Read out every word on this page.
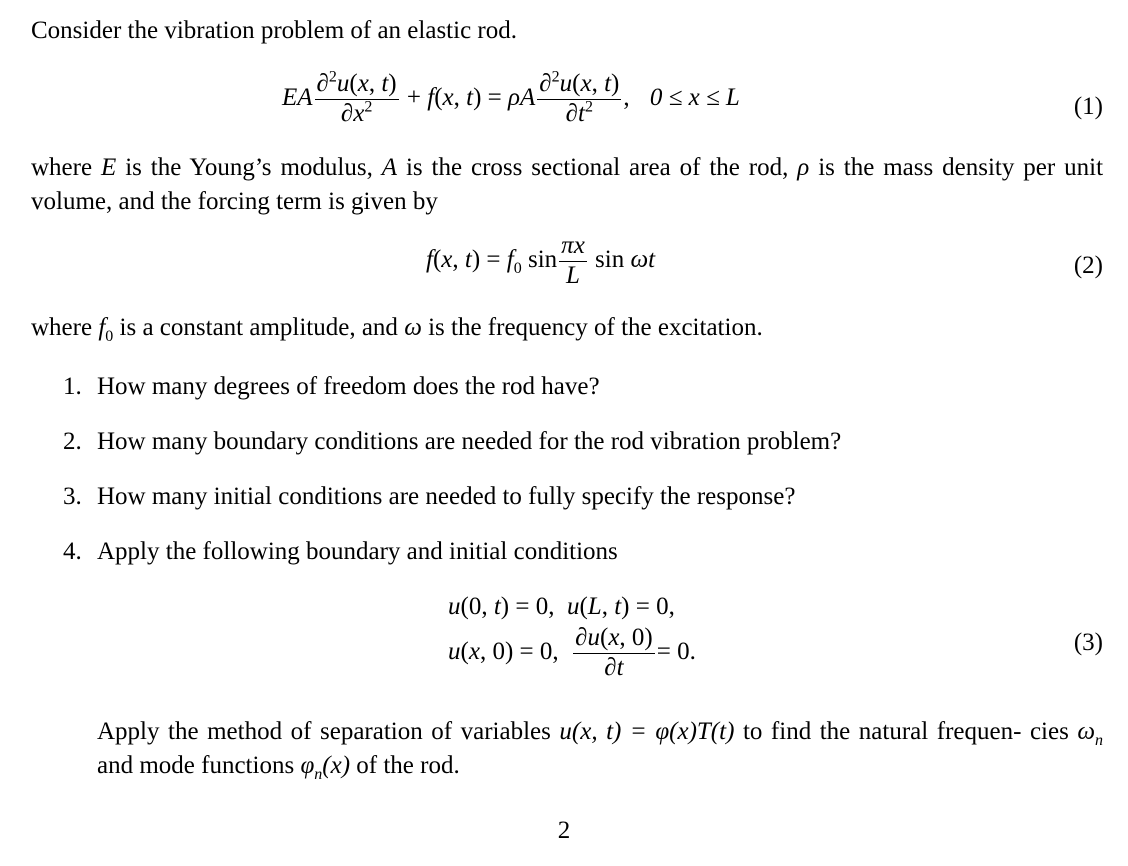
Consider the vibration problem of an elastic rod.

EA $\frac{\partial^2u(x, t)}{\partial x^2} + f(x$, t) = ρA $\frac{\partial^2u(x, t)}{\partial t^2}$ , 0 ≤ x ≤ L	(1)

where E is the Young’s modulus, A is the cross sectional area of the rod, ρ is the mass density per unit volume, and the forcing term is given by

f(x, $t) = f_0$ $\sin \frac{\pi x}{L}$ sin ωt	(2)

where $f_0$ is a constant amplitude, and ω is the frequency of the excitation.

1. How many degrees of freedom does the rod have?
2. How many boundary conditions are needed for the rod vibration problem?
3. How many initial conditions are needed to fully specify the response?
4. Apply the following boundary and initial conditions
u(0, t) = 0,  u(L, t) = 0,
u(x, 0) = 0, $\frac{\partial u(x, 0)}{\partial t} = 0$.	(3)

Apply the method of separation of variables u(x, t) = φ(x)T(t) to find the natural frequen- cies $\omega_n$ and mode functions $\varphi_n(x)$ of the rod.

2
